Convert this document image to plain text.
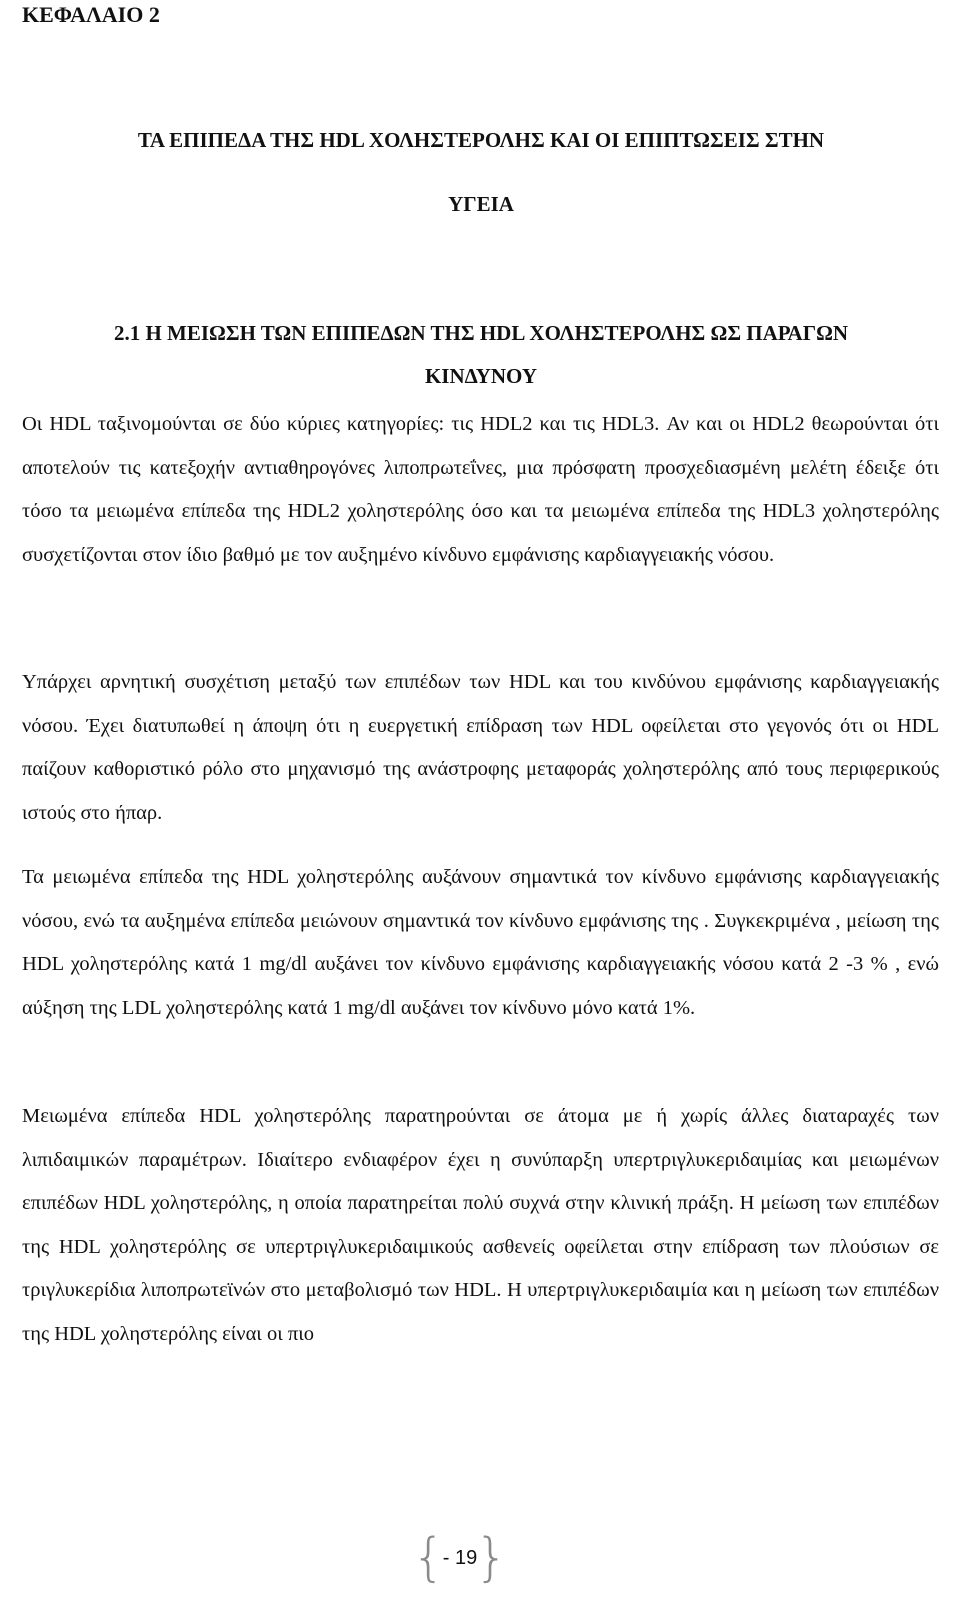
ΚΕΦΑΛΑΙΟ 2
ΤΑ ΕΠΙΠΕΔΑ ΤΗΣ HDL ΧΟΛΗΣΤΕΡΟΛΗΣ ΚΑΙ ΟΙ ΕΠΙΠΤΩΣΕΙΣ ΣΤΗΝ
ΥΓΕΙΑ
2.1 Η ΜΕΙΩΣΗ ΤΩΝ ΕΠΙΠΕΔΩΝ ΤΗΣ HDL ΧΟΛΗΣΤΕΡΟΛΗΣ ΩΣ ΠΑΡΑΓΩΝ
ΚΙΝΔΥΝΟΥ

Οι HDL ταξινομούνται σε δύο κύριες κατηγορίες: τις HDL2 και τις HDL3. Αν και οι HDL2 θεωρούνται ότι αποτελούν τις κατεξοχήν αντιαθηρογόνες λιποπρωτεΐνες, μια πρόσφατη προσχεδιασμένη μελέτη έδειξε ότι τόσο τα μειωμένα επίπεδα της HDL2 χοληστερόλης όσο και τα μειωμένα επίπεδα της HDL3 χοληστερόλης συσχετίζονται στον ίδιο βαθμό με τον αυξημένο κίνδυνο εμφάνισης καρδιαγγειακής νόσου.

Υπάρχει αρνητική συσχέτιση μεταξύ των επιπέδων των HDL και του κινδύνου εμφάνισης καρδιαγγειακής νόσου. Έχει διατυπωθεί η άποψη ότι η ευεργετική επίδραση των HDL οφείλεται στο γεγονός ότι οι HDL παίζουν καθοριστικό ρόλο στο μηχανισμό της ανάστροφης μεταφοράς χοληστερόλης από τους περιφερικούς ιστούς στο ήπαρ.

Τα μειωμένα επίπεδα της HDL χοληστερόλης αυξάνουν σημαντικά τον κίνδυνο εμφάνισης καρδιαγγειακής νόσου, ενώ τα αυξημένα επίπεδα μειώνουν σημαντικά τον κίνδυνο εμφάνισης της . Συγκεκριμένα , μείωση της HDL χοληστερόλης κατά 1 mg/dl αυξάνει τον κίνδυνο εμφάνισης καρδιαγγειακής νόσου κατά 2 -3 % , ενώ αύξηση της LDL χοληστερόλης κατά 1 mg/dl αυξάνει τον κίνδυνο μόνο κατά 1%.

Μειωμένα επίπεδα HDL χοληστερόλης παρατηρούνται σε άτομα με ή χωρίς άλλες διαταραχές των λιπιδαιμικών παραμέτρων. Ιδιαίτερο ενδιαφέρον έχει η συνύπαρξη υπερτριγλυκεριδαιμίας και μειωμένων επιπέδων HDL χοληστερόλης, η οποία παρατηρείται πολύ συχνά στην κλινική πράξη. Η μείωση των επιπέδων της HDL χοληστερόλης σε υπερτριγλυκεριδαιμικούς ασθενείς οφείλεται στην επίδραση των πλούσιων σε τριγλυκερίδια λιποπρωτεϊνών στο μεταβολισμό των HDL. Η υπερτριγλυκεριδαιμία και η μείωση των επιπέδων της HDL χοληστερόλης είναι οι πιο

{
- 19
}
